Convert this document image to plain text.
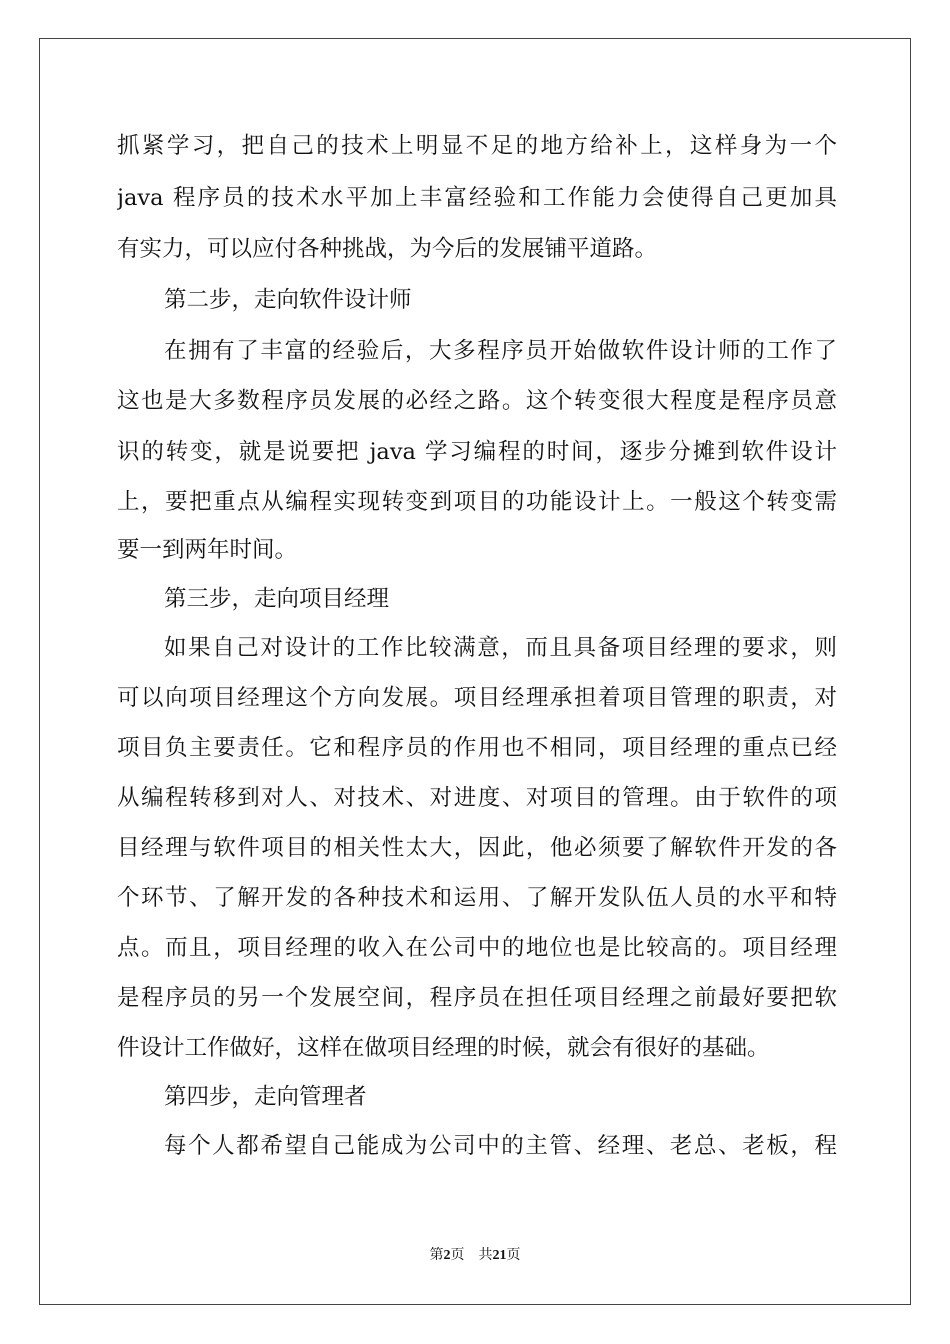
抓紧学习，把自己的技术上明显不足的地方给补上，这样身为一个
java 程序员的技术水平加上丰富经验和工作能力会使得自己更加具
有实力，可以应付各种挑战，为今后的发展铺平道路。
第二步，走向软件设计师
在拥有了丰富的经验后，大多程序员开始做软件设计师的工作了
这也是大多数程序员发展的必经之路。这个转变很大程度是程序员意
识的转变，就是说要把 java 学习编程的时间，逐步分摊到软件设计
上，要把重点从编程实现转变到项目的功能设计上。一般这个转变需
要一到两年时间。
第三步，走向项目经理
如果自己对设计的工作比较满意，而且具备项目经理的要求，则
可以向项目经理这个方向发展。项目经理承担着项目管理的职责，对
项目负主要责任。它和程序员的作用也不相同，项目经理的重点已经
从编程转移到对人、对技术、对进度、对项目的管理。由于软件的项
目经理与软件项目的相关性太大，因此，他必须要了解软件开发的各
个环节、了解开发的各种技术和运用、了解开发队伍人员的水平和特
点。而且，项目经理的收入在公司中的地位也是比较高的。项目经理
是程序员的另一个发展空间，程序员在担任项目经理之前最好要把软
件设计工作做好，这样在做项目经理的时候，就会有很好的基础。
第四步，走向管理者
每个人都希望自己能成为公司中的主管、经理、老总、老板，程
第2页 共21页
